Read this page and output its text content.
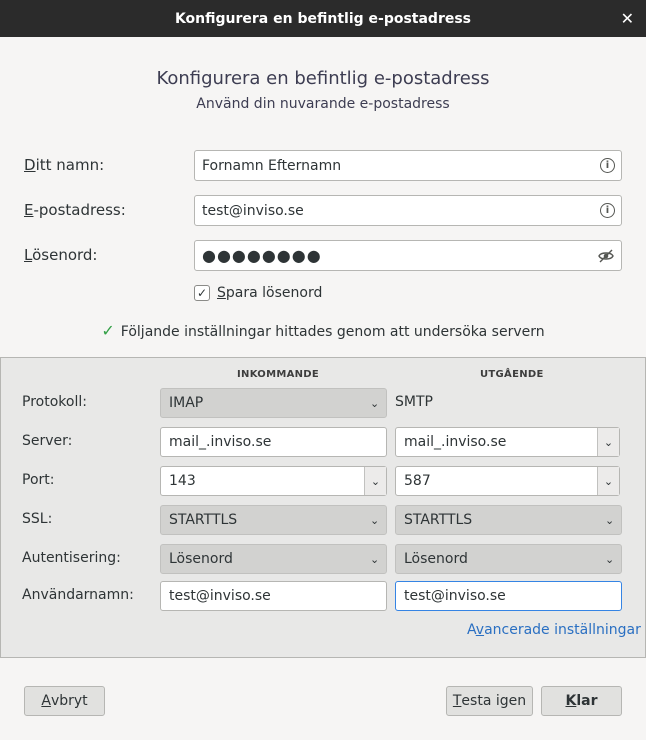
Konfigurera en befintlig e-postadress	✕
Konfigurera en befintlig e-postadress
Använd din nuvarande e-postadress
Ditt namn:	Fornamn Efternamn	i
E-postadress:	test@inviso.se	i
Lösenord:	●●●●●●●●
✓ Spara lösenord
✓ Följande inställningar hittades genom att undersöka servern
INKOMMANDE	UTGÅENDE
Protokoll:	IMAP	⌄ SMTP
Server:	mail_.inviso.se	mail_.inviso.se	⌄
Port:	143	⌄	587	⌄
SSL:	STARTTLS	⌄ STARTTLS	⌄
Autentisering:	Lösenord	⌄ Lösenord	⌄
Användarnamn:	test@inviso.se	test@inviso.se
Avancerade inställningar
A vbryt	T esta igen	K lar
